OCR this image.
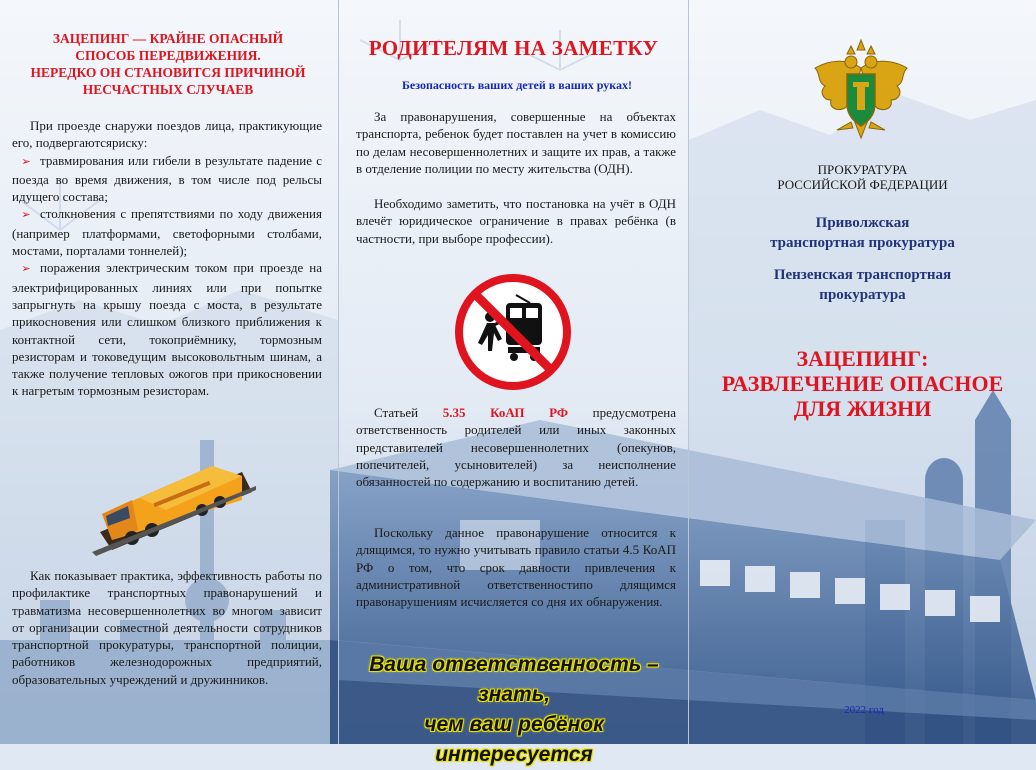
ЗАЦЕПИНГ — КРАЙНЕ ОПАСНЫЙ
СПОСОБ ПЕРЕДВИЖЕНИЯ.
НЕРЕДКО ОН СТАНОВИТСЯ ПРИЧИНОЙ
НЕСЧАСТНЫХ СЛУЧАЕВ

При проезде снаружи поездов лица, практикующие его, подвергаютсяриску:

➢ травмирования или гибели в результате падение с поезда во время движения, в том числе под рельсы идущего состава;

➢ столкновения с препятствиями по ходу движения (например платформами, светофорными столбами, мостами, порталами тоннелей);

➢ поражения электрическим током при проезде на электрифицированных линиях или при попытке запрыгнуть на крышу поезда с моста, в результате прикосновения или слишком близкого приближения к контактной сети, токоприёмнику, тормозным резисторам и токоведущим высоковольтным шинам, а также получение тепловых ожогов при прикосновении к нагретым тормозным резисторам.

Как показывает практика, эффективность работы по профилактике транспортных правонарушений и травматизма несовершеннолетних во многом зависит от организации совместной деятельности сотрудников транспортной прокуратуры, транспортной полиции, работников железнодорожных предприятий, образовательных учреждений и дружинников.

РОДИТЕЛЯМ НА ЗАМЕТКУ
Безопасность ваших детей в ваших руках!

За правонарушения, совершенные на объектах транспорта, ребенок будет поставлен на учет в комиссию по делам несовершеннолетних и защите их прав, а также в отделение полиции по месту жительства (ОДН).

Необходимо заметить, что постановка на учёт в ОДН влечёт юридическое ограничение в правах ребёнка (в частности, при выборе профессии).

Статьей 5.35 КоАП РФ предусмотрена ответственность родителей или иных законных представителей несовершеннолетних (опекунов, попечителей, усыновителей) за неисполнение обязанностей по содержанию и воспитанию детей.

Поскольку данное правонарушение относится к длящимся, то нужно учитывать правило статьи 4.5 КоАП РФ о том, что срок давности привлечения к административной ответственностипо длящимся правонарушениям исчисляется со дня их обнаружения.

Ваша ответственность – знать,
чем ваш ребёнок интересуется
ПРОКУРАТУРА
РОССИЙСКОЙ ФЕДЕРАЦИИ
Приволжская
транспортная прокуратура
Пензенская транспортная
прокуратура
ЗАЦЕПИНГ:
РАЗВЛЕЧЕНИЕ ОПАСНОЕ
ДЛЯ ЖИЗНИ
2022 год
